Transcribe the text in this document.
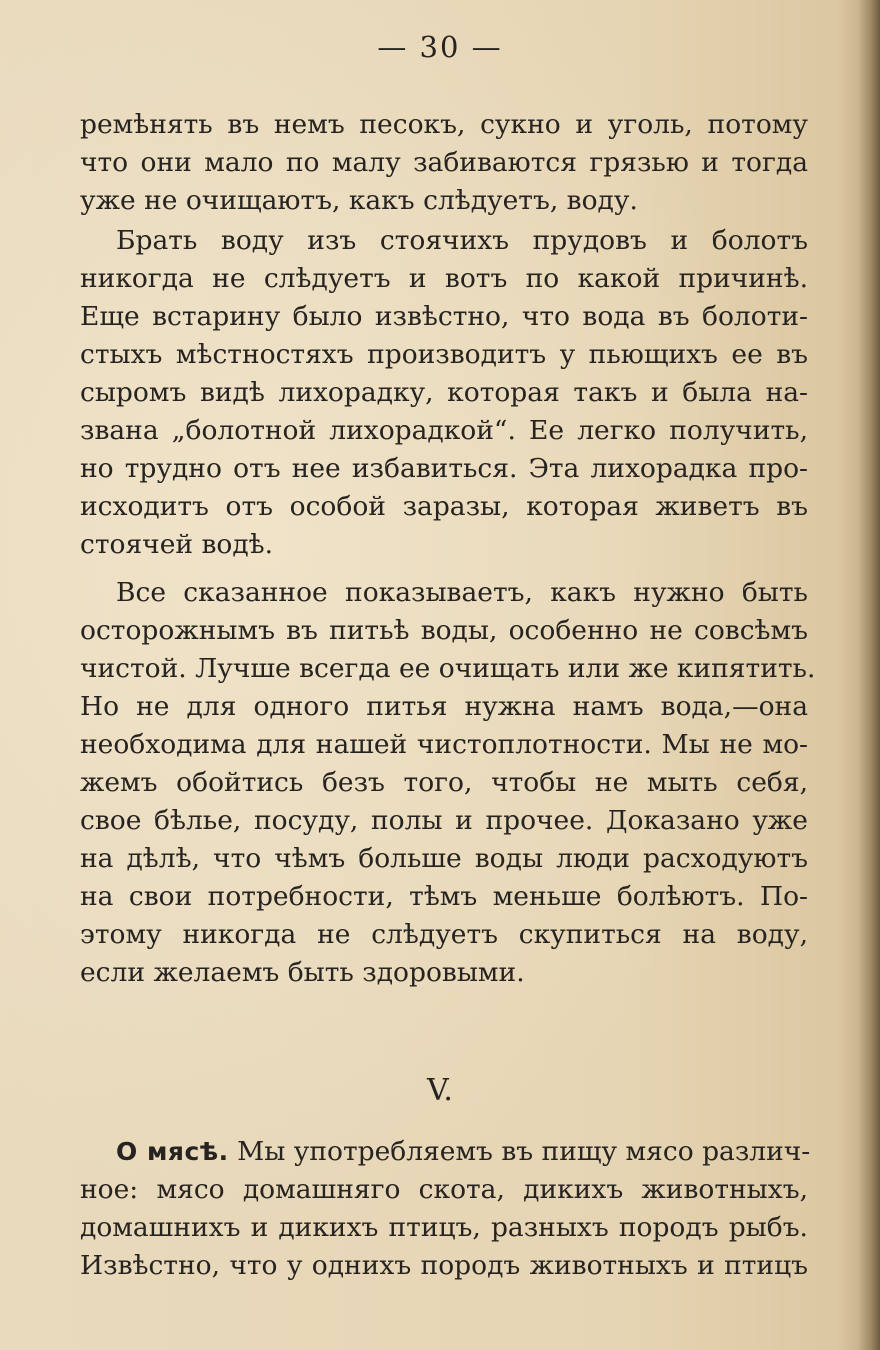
— 30 —
ремѣнять въ немъ песокъ, сукно и уголь, потому
что они мало по малу забиваются грязью и тогда
уже не очищаютъ, какъ слѣдуетъ, воду.
Брать воду изъ стоячихъ прудовъ и болотъ
никогда не слѣдуетъ и вотъ по какой причинѣ.
Еще встарину было извѣстно, что вода въ болоти-
стыхъ мѣстностяхъ производитъ у пьющихъ ее въ
сыромъ видѣ лихорадку, которая такъ и была на-
звана „болотной лихорадкой“. Ее легко получить,
но трудно отъ нее избавиться. Эта лихорадка про-
исходитъ отъ особой заразы, которая живетъ въ
стоячей водѣ.
Все сказанное показываетъ, какъ нужно быть
осторожнымъ въ питьѣ воды, особенно не совсѣмъ
чистой. Лучше всегда ее очищать или же кипятить.
Но не для одного питья нужна намъ вода,—она
необходима для нашей чистоплотности. Мы не мо-
жемъ обойтись безъ того, чтобы не мыть себя,
свое бѣлье, посуду, полы и прочее. Доказано уже
на дѣлѣ, что чѣмъ больше воды люди расходуютъ
на свои потребности, тѣмъ меньше болѣютъ. По-
этому никогда не слѣдуетъ скупиться на воду,
если желаемъ быть здоровыми.
V.
О мясѣ. Мы употребляемъ въ пищу мясо различ-
ное: мясо домашняго скота, дикихъ животныхъ,
домашнихъ и дикихъ птицъ, разныхъ породъ рыбъ.
Извѣстно, что у однихъ породъ животныхъ и птицъ
